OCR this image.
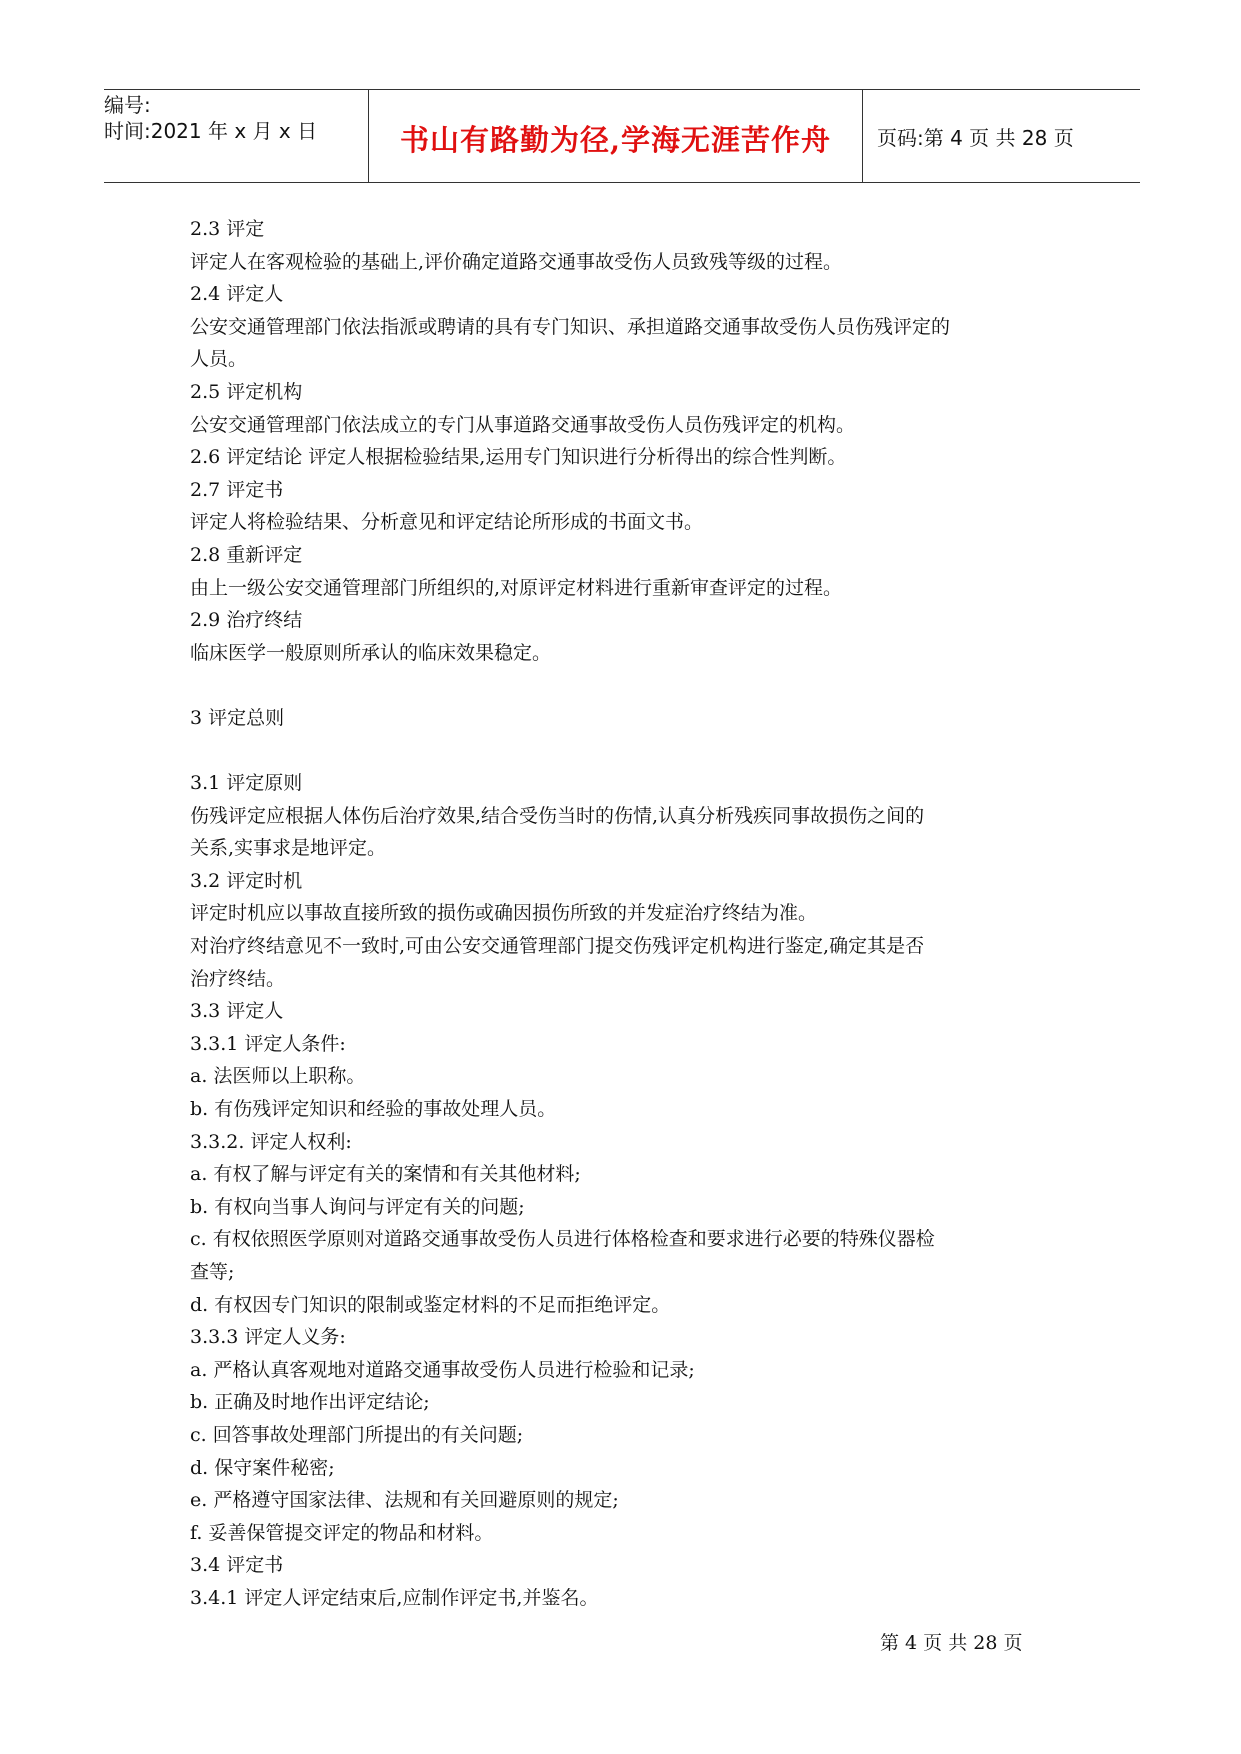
编号:
时间:2021 年 x 月 x 日	书山有路勤为径,学海无涯苦作舟	页码:第 4 页 共 28 页
2.3 评定
评定人在客观检验的基础上,评价确定道路交通事故受伤人员致残等级的过程。
2.4 评定人
公安交通管理部门依法指派或聘请的具有专门知识、承担道路交通事故受伤人员伤残评定的
人员。
2.5 评定机构
公安交通管理部门依法成立的专门从事道路交通事故受伤人员伤残评定的机构。
2.6 评定结论 评定人根据检验结果,运用专门知识进行分析得出的综合性判断。
2.7 评定书
评定人将检验结果、分析意见和评定结论所形成的书面文书。
2.8 重新评定
由上一级公安交通管理部门所组织的,对原评定材料进行重新审查评定的过程。
2.9 治疗终结
临床医学一般原则所承认的临床效果稳定。
3 评定总则
3.1 评定原则
伤残评定应根据人体伤后治疗效果,结合受伤当时的伤情,认真分析残疾同事故损伤之间的
关系,实事求是地评定。
3.2 评定时机
评定时机应以事故直接所致的损伤或确因损伤所致的并发症治疗终结为准。
对治疗终结意见不一致时,可由公安交通管理部门提交伤残评定机构进行鉴定,确定其是否
治疗终结。
3.3 评定人
3.3.1 评定人条件:
a. 法医师以上职称。
b. 有伤残评定知识和经验的事故处理人员。
3.3.2. 评定人权利:
a. 有权了解与评定有关的案情和有关其他材料;
b. 有权向当事人询问与评定有关的问题;
c. 有权依照医学原则对道路交通事故受伤人员进行体格检查和要求进行必要的特殊仪器检
查等;
d. 有权因专门知识的限制或鉴定材料的不足而拒绝评定。
3.3.3 评定人义务:
a. 严格认真客观地对道路交通事故受伤人员进行检验和记录;
b. 正确及时地作出评定结论;
c. 回答事故处理部门所提出的有关问题;
d. 保守案件秘密;
e. 严格遵守国家法律、法规和有关回避原则的规定;
f. 妥善保管提交评定的物品和材料。
3.4 评定书
3.4.1 评定人评定结束后,应制作评定书,并鉴名。
第 4 页 共 28 页
